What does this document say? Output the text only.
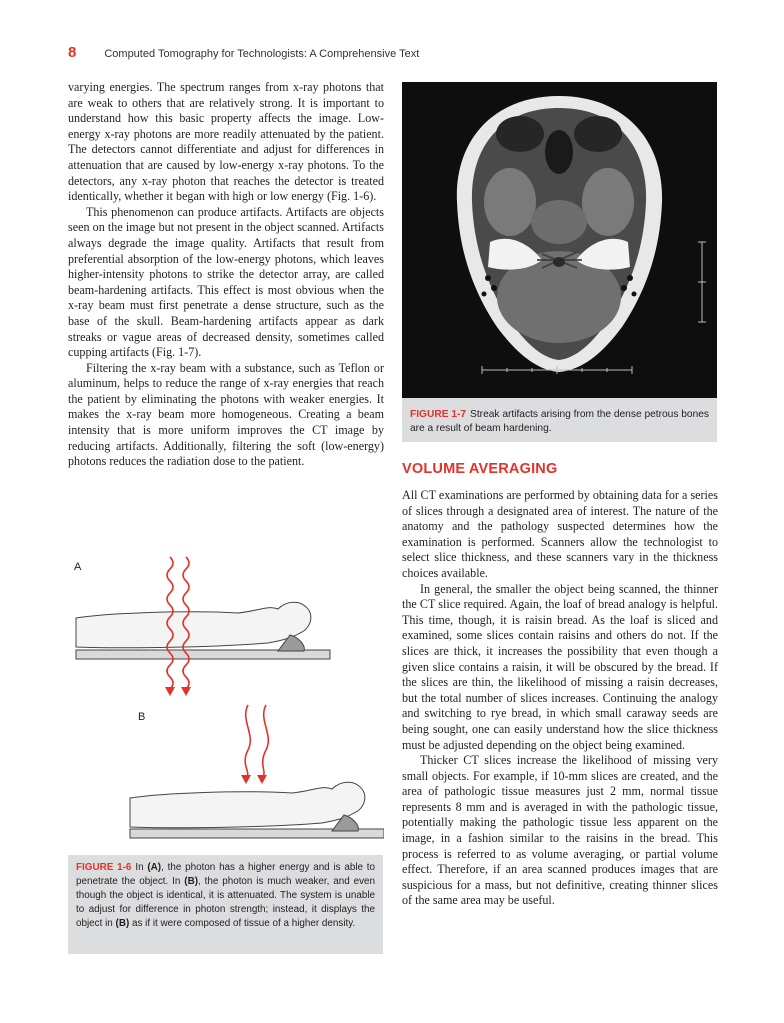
8	Computed Tomography for Technologists: A Comprehensive Text

varying energies. The spectrum ranges from x-ray photons that are weak to others that are relatively strong. It is important to understand how this basic property affects the image. Low-energy x-ray photons are more readily attenuated by the patient. The detectors cannot differentiate and adjust for differences in attenuation that are caused by low-energy x-ray photons. To the detectors, any x-ray photon that reaches the detector is treated identically, whether it began with high or low energy (Fig. 1-6).

This phenomenon can produce artifacts. Artifacts are objects seen on the image but not present in the object scanned. Artifacts always degrade the image quality. Artifacts that result from preferential absorption of the low-energy photons, which leaves higher-intensity photons to strike the detector array, are called beam-hardening artifacts. This effect is most obvious when the x-ray beam must first penetrate a dense structure, such as the base of the skull. Beam-hardening artifacts appear as dark streaks or vague areas of decreased density, sometimes called cupping artifacts (Fig. 1-7).

Filtering the x-ray beam with a substance, such as Teflon or aluminum, helps to reduce the range of x-ray energies that reach the patient by eliminating the photons with weaker energies. It makes the x-ray beam more homogeneous. Creating a beam intensity that is more uniform improves the CT image by reducing artifacts. Additionally, filtering the soft (low-energy) photons reduces the radiation dose to the patient.

FIGURE 1-7 Streak artifacts arising from the dense petrous bones are a result of beam hardening.
VOLUME AVERAGING

All CT examinations are performed by obtaining data for a series of slices through a designated area of interest. The nature of the anatomy and the pathology suspected determines how the examination is performed. Scanners allow the technologist to select slice thickness, and these scanners vary in the thickness choices available.

In general, the smaller the object being scanned, the thinner the CT slice required. Again, the loaf of bread analogy is helpful. This time, though, it is raisin bread. As the loaf is sliced and examined, some slices contain raisins and others do not. If the slices are thick, it increases the possibility that even though a given slice contains a raisin, it will be obscured by the bread. If the slices are thin, the likelihood of missing a raisin decreases, but the total number of slices increases. Continuing the analogy and switching to rye bread, in which small caraway seeds are being sought, one can easily understand how the slice thickness must be adjusted depending on the object being examined.

Thicker CT slices increase the likelihood of missing very small objects. For example, if 10-mm slices are created, and the area of pathologic tissue measures just 2 mm, normal tissue represents 8 mm and is averaged in with the pathologic tissue, potentially making the pathologic tissue less apparent on the image, in a fashion similar to the raisins in the bread. This process is referred to as volume averaging, or partial volume effect. Therefore, if an area scanned produces images that are suspicious for a mass, but not definitive, creating thinner slices of the same area may be useful.

A
B
FIGURE 1-6 In (A), the photon has a higher energy and is able to penetrate the object. In (B), the photon is much weaker, and even though the object is identical, it is attenuated. The system is unable to adjust for difference in photon strength; instead, it displays the object in (B) as if it were composed of tissue of a higher density.
